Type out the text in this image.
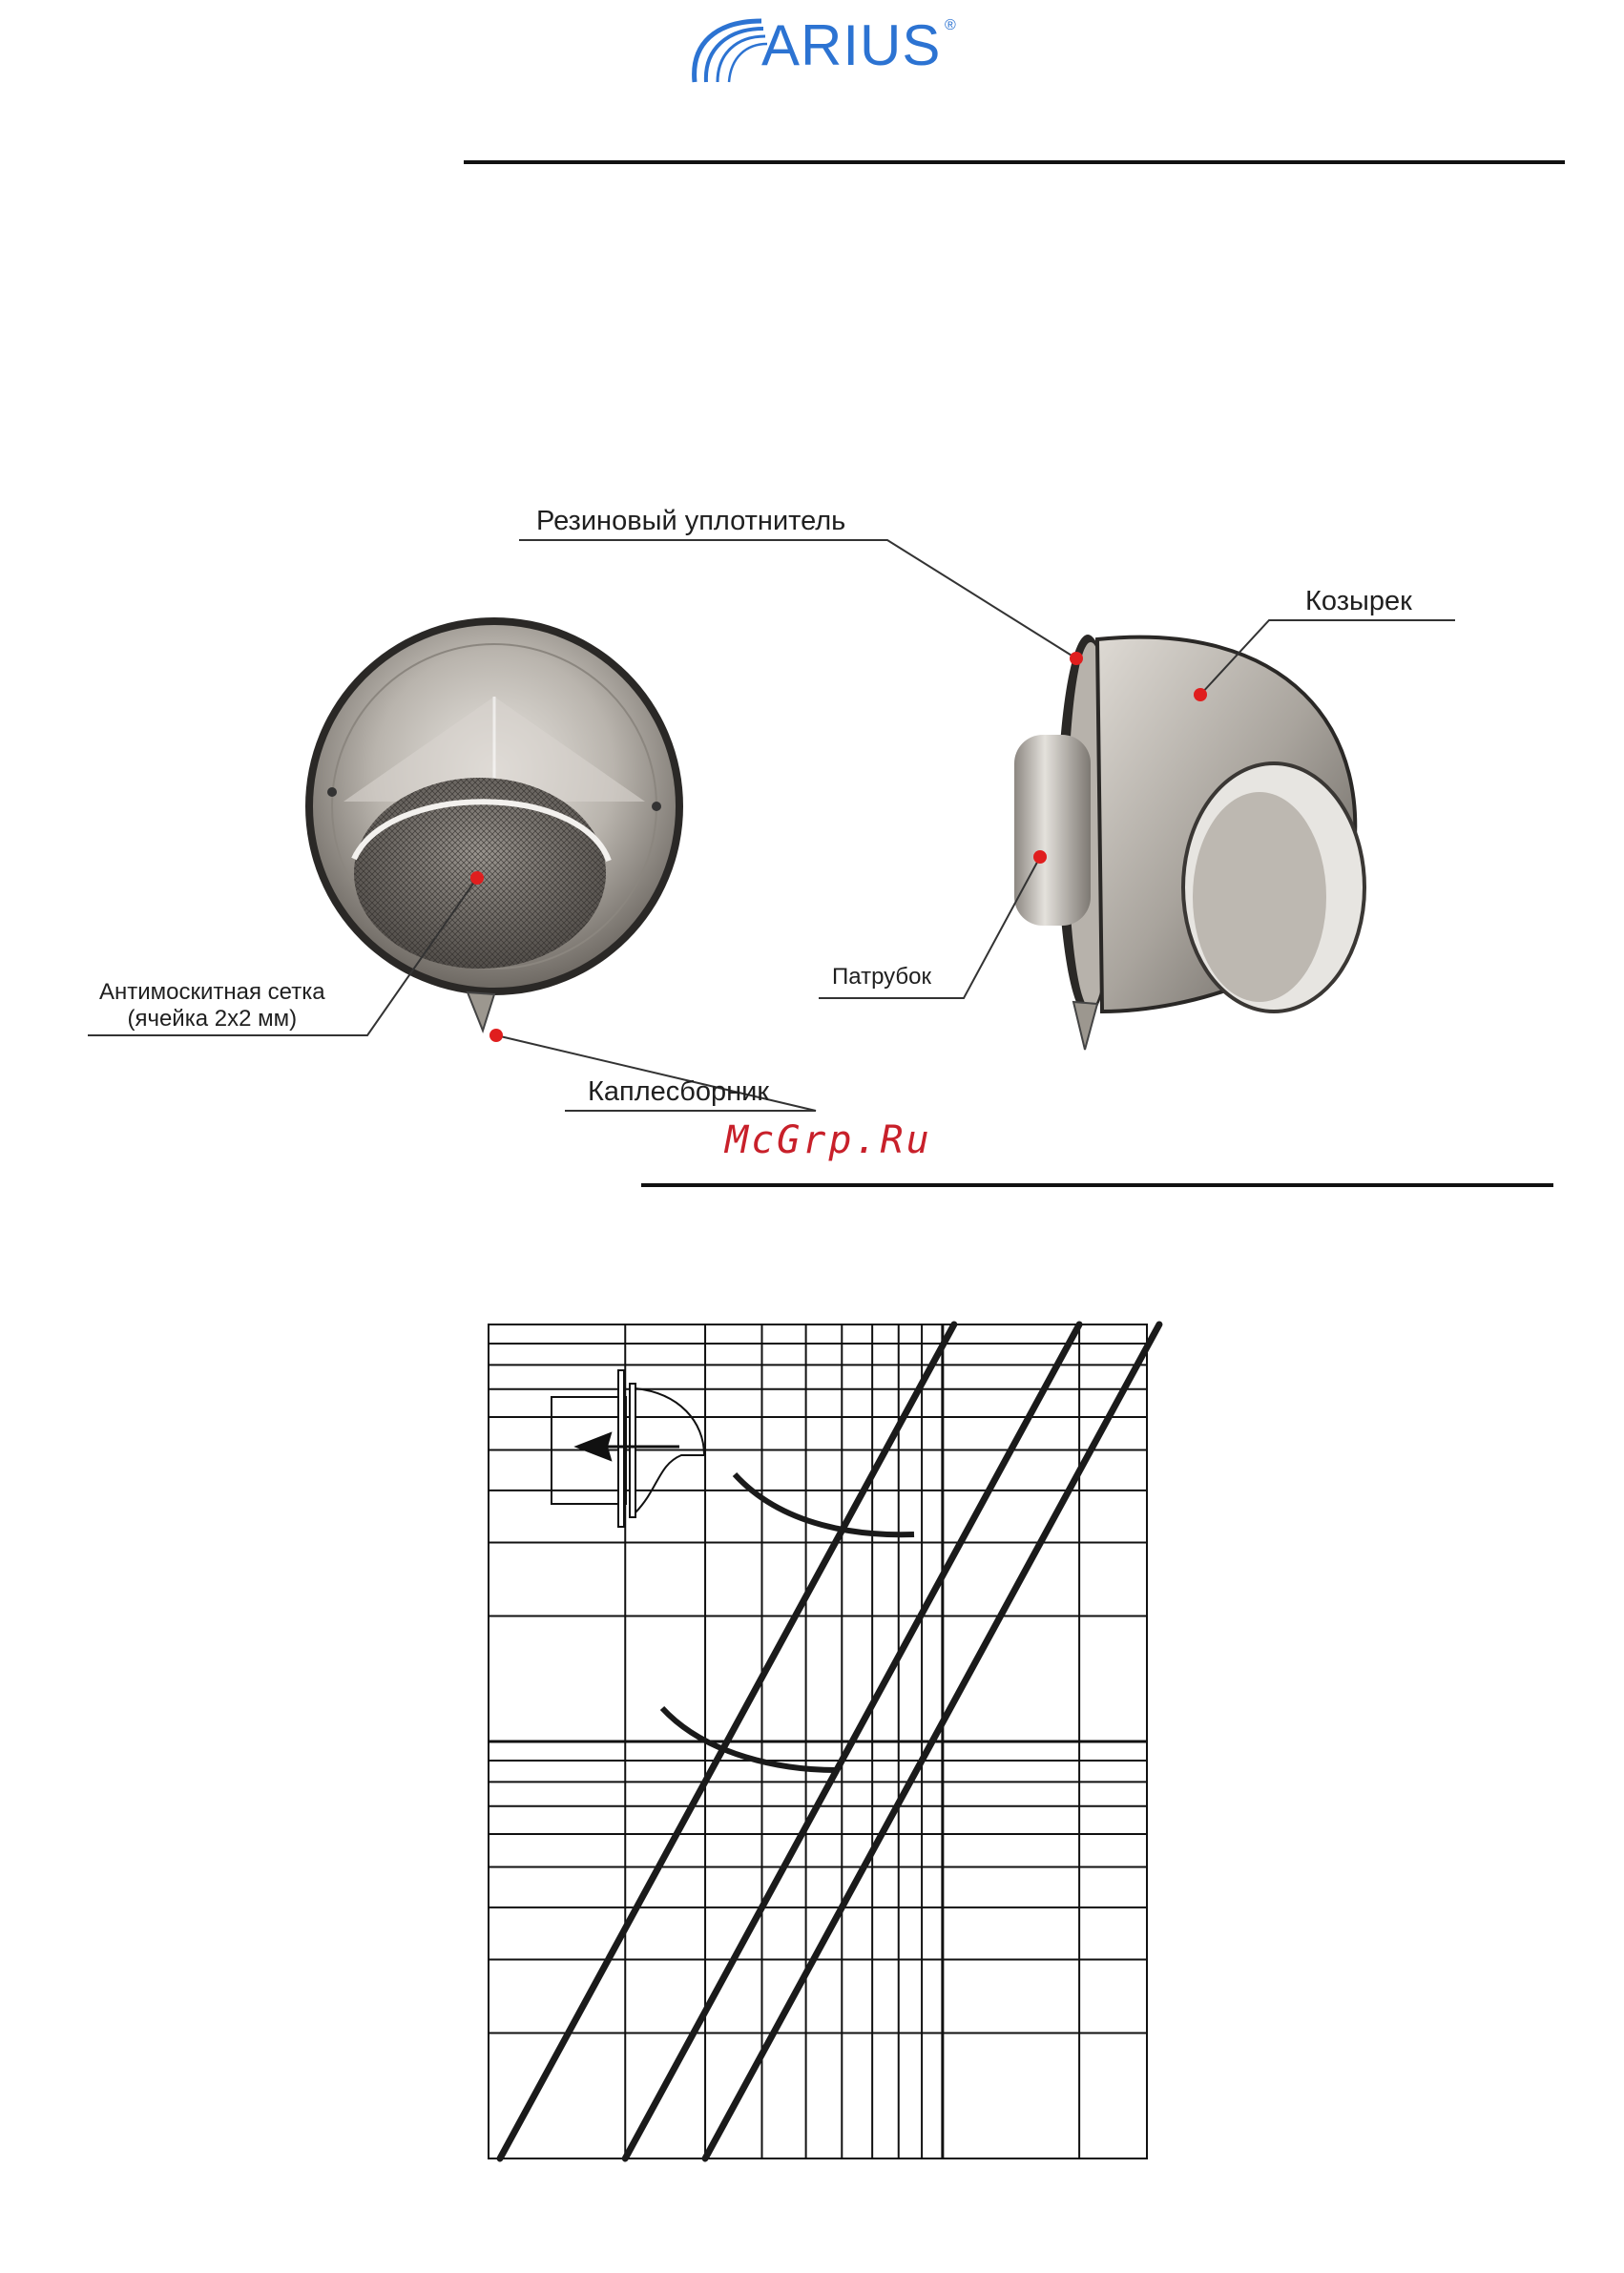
ARIUS ®
Резиновый уплотнитель
Козырек
Антимоскитная сетка
(ячейка 2x2 мм)
Патрубок
Каплесборник
McGrp.Ru
